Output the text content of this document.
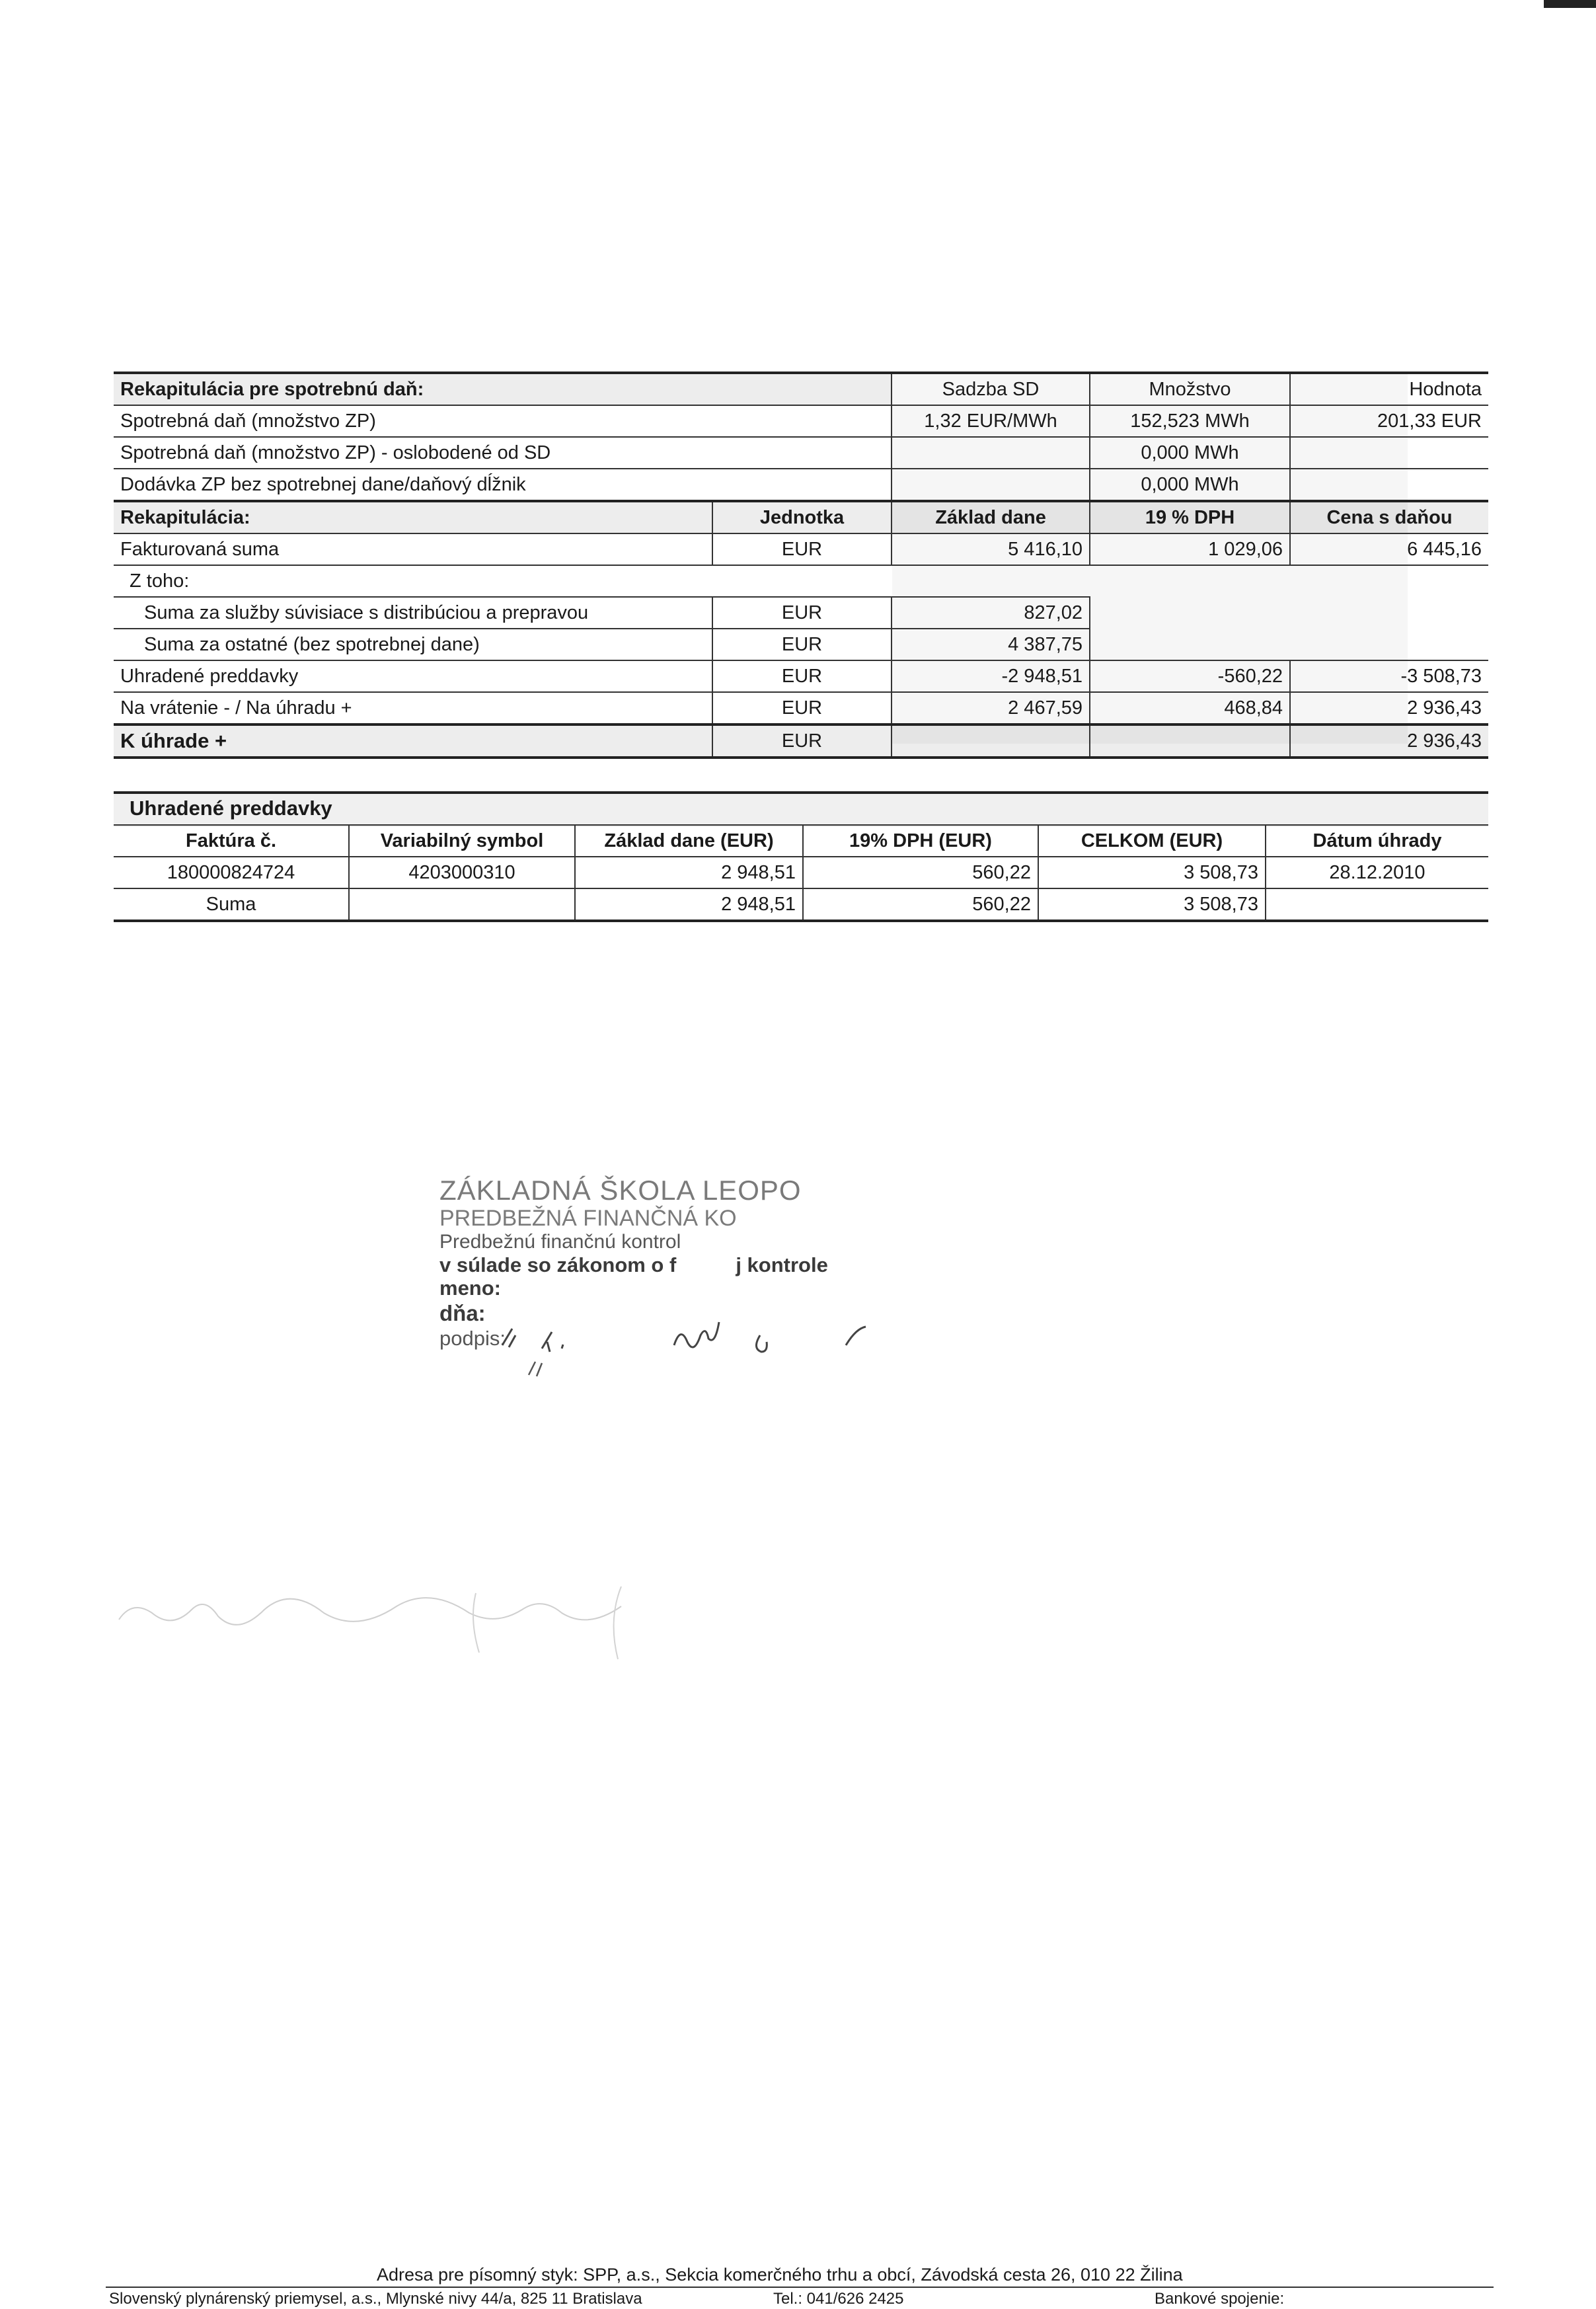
Rekapitulácia pre spotrebnú daň:		Sadzba SD	Množstvo	Hodnota
Spotrebná daň (množstvo ZP)		1,32 EUR/MWh	152,523 MWh	201,33 EUR
Spotrebná daň (množstvo ZP) - oslobodené od SD			0,000 MWh	
Dodávka ZP bez spotrebnej dane/daňový dĺžnik			0,000 MWh	
Rekapitulácia:	Jednotka	Základ dane	19 % DPH	Cena s daňou
Fakturovaná suma	EUR	5 416,10	1 029,06	6 445,16
Z toho:				
Suma za služby súvisiace s distribúciou a prepravou	EUR	827,02		
Suma za ostatné (bez spotrebnej dane)	EUR	4 387,75		
Uhradené preddavky	EUR	-2 948,51	-560,22	-3 508,73
Na vrátenie - / Na úhradu +	EUR	2 467,59	468,84	2 936,43
K úhrade +	EUR			2 936,43
Uhradené preddavky
Faktúra č.	Variabilný symbol	Základ dane (EUR)	19% DPH (EUR)	CELKOM (EUR)	Dátum úhrady
180000824724	4203000310	2 948,51	560,22	3 508,73	28.12.2010
Suma		2 948,51	560,22	3 508,73	
ZÁKLADNÁ ŠKOLA LEOPO
PREDBEŽNÁ FINANČNÁ KO
Predbežnú finančnú kontrol
v súlade so zákonom o f	j kontrole
meno:
dňa:
podpis:
Adresa pre písomný styk: SPP, a.s., Sekcia komerčného trhu a obcí, Závodská cesta 26, 010 22 Žilina
Slovenský plynárenský priemysel, a.s., Mlynské nivy 44/a, 825 11 Bratislava	Tel.: 041/626 2425	Bankové spojenie:
